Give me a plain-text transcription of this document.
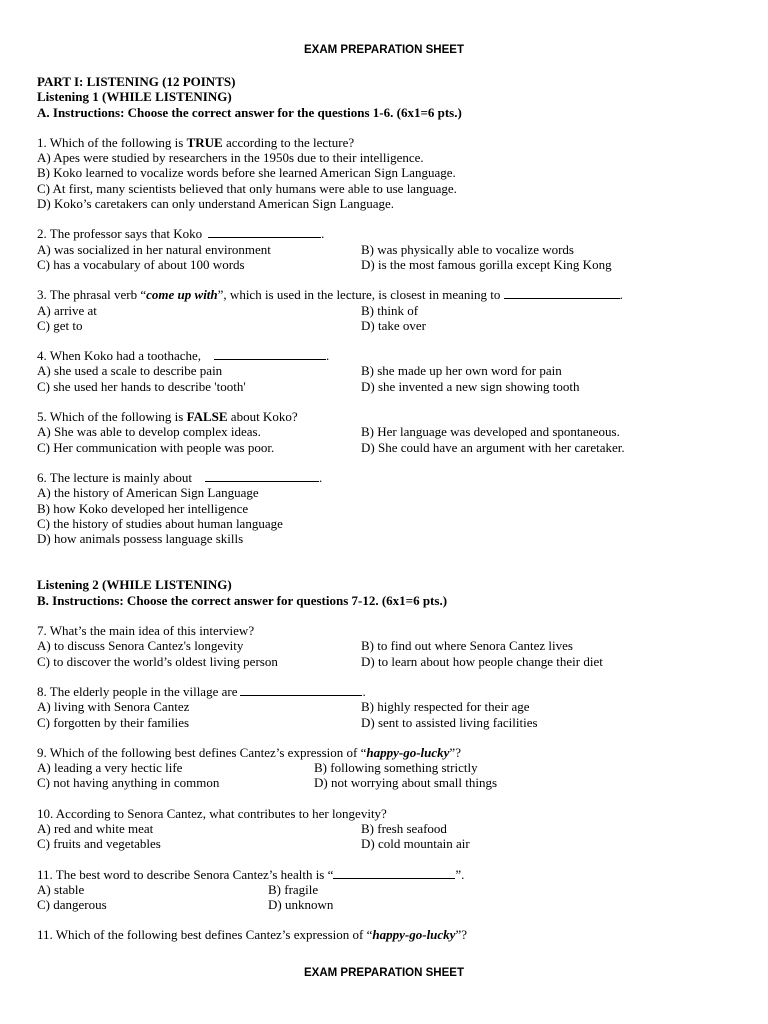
EXAM PREPARATION SHEET
PART I: LISTENING (12 POINTS)
Listening 1 (WHILE LISTENING)
A. Instructions: Choose the correct answer for the questions 1-6. (6x1=6 pts.)
1. Which of the following is TRUE according to the lecture?
A) Apes were studied by researchers in the 1950s due to their intelligence.
B) Koko learned to vocalize words before she learned American Sign Language.
C) At first, many scientists believed that only humans were able to use language.
D) Koko’s caretakers can only understand American Sign Language.
2. The professor says that Koko	.
A) was socialized in her natural environment	B) was physically able to vocalize words
C) has a vocabulary of about 100 words	D) is the most famous gorilla except King Kong
3. The phrasal verb “come up with”, which is used in the lecture, is closest in meaning to	.
A) arrive at	B) think of
C) get to	D) take over
4. When Koko had a toothache,	.
A) she used a scale to describe pain	B) she made up her own word for pain
C) she used her hands to describe 'tooth'	D) she invented a new sign showing tooth
5. Which of the following is FALSE about Koko?
A) She was able to develop complex ideas.	B) Her language was developed and spontaneous.
C) Her communication with people was poor.	D) She could have an argument with her caretaker.
6. The lecture is mainly about	.
A) the history of American Sign Language
B) how Koko developed her intelligence
C) the history of studies about human language
D) how animals possess language skills
Listening 2 (WHILE LISTENING)
B. Instructions: Choose the correct answer for questions 7-12. (6x1=6 pts.)
7. What’s the main idea of this interview?
A) to discuss Senora Cantez's longevity	B) to find out where Senora Cantez lives
C) to discover the world’s oldest living person	D) to learn about how people change their diet
8. The elderly people in the village are	.
A) living with Senora Cantez	B) highly respected for their age
C) forgotten by their families	D) sent to assisted living facilities
9. Which of the following best defines Cantez’s expression of “happy-go-lucky”?
A) leading a very hectic life	B) following something strictly
C) not having anything in common	D) not worrying about small things
10. According to Senora Cantez, what contributes to her longevity?
A) red and white meat	B) fresh seafood
C) fruits and vegetables	D) cold mountain air
11. The best word to describe Senora Cantez’s health is “	”.
A) stable	B) fragile
C) dangerous	D) unknown
11. Which of the following best defines Cantez’s expression of “happy-go-lucky”?
EXAM PREPARATION SHEET
